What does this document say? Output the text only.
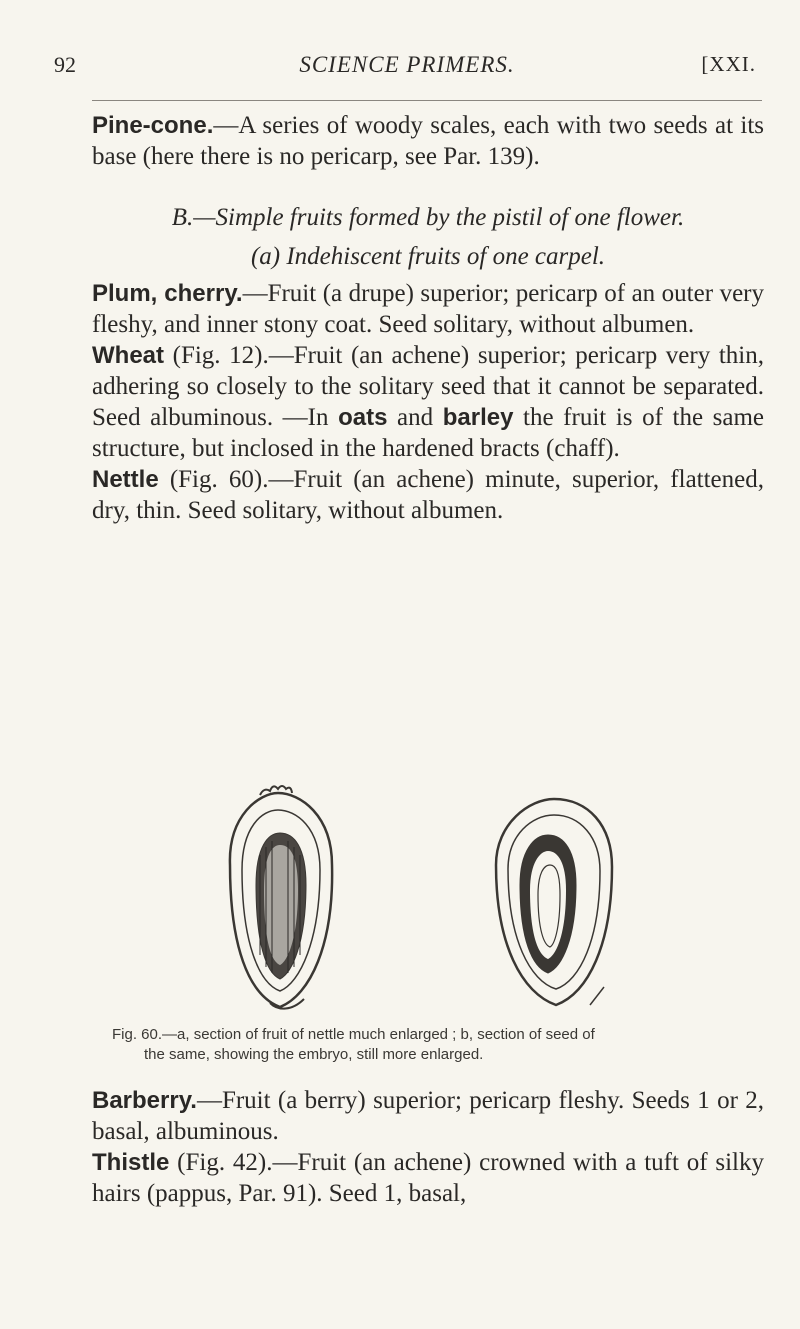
92	SCIENCE PRIMERS.	[XXI.

Pine-cone.—A series of woody scales, each with two seeds at its base (here there is no pericarp, see Par. 139).

B.—Simple fruits formed by the pistil of one flower.

(a) Indehiscent fruits of one carpel.

Plum, cherry.—Fruit (a drupe) superior; pericarp of an outer very fleshy, and inner stony coat. Seed solitary, without albumen.

Wheat (Fig. 12).—Fruit (an achene) superior; pericarp very thin, adhering so closely to the solitary seed that it cannot be separated. Seed albuminous. —In oats and barley the fruit is of the same structure, but inclosed in the hardened bracts (chaff).

Nettle (Fig. 60).—Fruit (an achene) minute, superior, flattened, dry, thin. Seed solitary, without albumen.

Fig. 60.—a, section of fruit of nettle much enlarged ; b, section of seed of
the same, showing the embryo, still more enlarged.

Barberry.—Fruit (a berry) superior; pericarp fleshy. Seeds 1 or 2, basal, albuminous.

Thistle (Fig. 42).—Fruit (an achene) crowned with a tuft of silky hairs (pappus, Par. 91). Seed 1, basal,
